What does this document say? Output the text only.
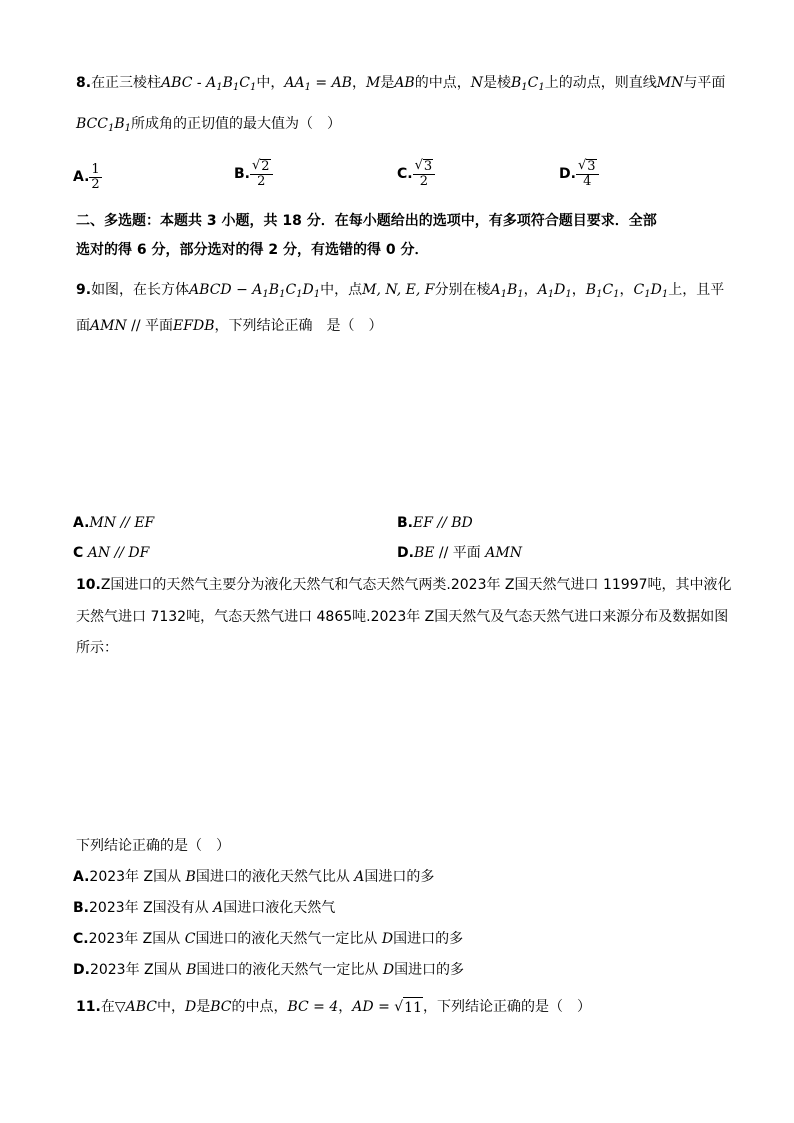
8.在正三棱柱ABC - $A_1B_1C_1$中，$AA_1$ = AB，M是AB的中点，N是棱$B_1C_1$上的动点，则直线MN与平面
$BCC_1B_1$所成角的正切值的最大值为（　）
A. $\frac{1}{2}$	B. $\frac{√ 2}{2}$	C. $\frac{√ 3}{2}$	D. $\frac{√ 3}{4}$
二、多选题：本题共 3 小题，共 18 分．在每小题给出的选项中，有多项符合题目要求．全部
选对的得 6 分，部分选对的得 2 分，有选错的得 0 分．
9.如图，在长方体ABCD − $A_1B_1C_1D_1$中，点M, N, E, F分别在棱$A_1B_1$，$A_1D_1$，$B_1C_1$，$C_1D_1$上，且平
面AMN // 平面EFDB，下列结论正确　是（　）
A.MN // EF	B.EF // BD
C AN // DF	D.BE // 平面 AMN
10.Z国进口的天然气主要分为液化天然气和气态天然气两类.2023年 Z国天然气进口 11997吨，其中液化
天然气进口 7132吨，气态天然气进口 4865吨.2023年 Z国天然气及气态天然气进口来源分布及数据如图
所示：
下列结论正确的是（　）
A.2023年 Z国从 B国进口的液化天然气比从 A国进口的多
B.2023年 Z国没有从 A国进口液化天然气
C.2023年 Z国从 C国进口的液化天然气一定比从 D国进口的多
D.2023年 Z国从 B国进口的液化天然气一定比从 D国进口的多
11.在▽ABC中，D是BC的中点，BC = 4，AD = √ 11 ，下列结论正确的是（　）
